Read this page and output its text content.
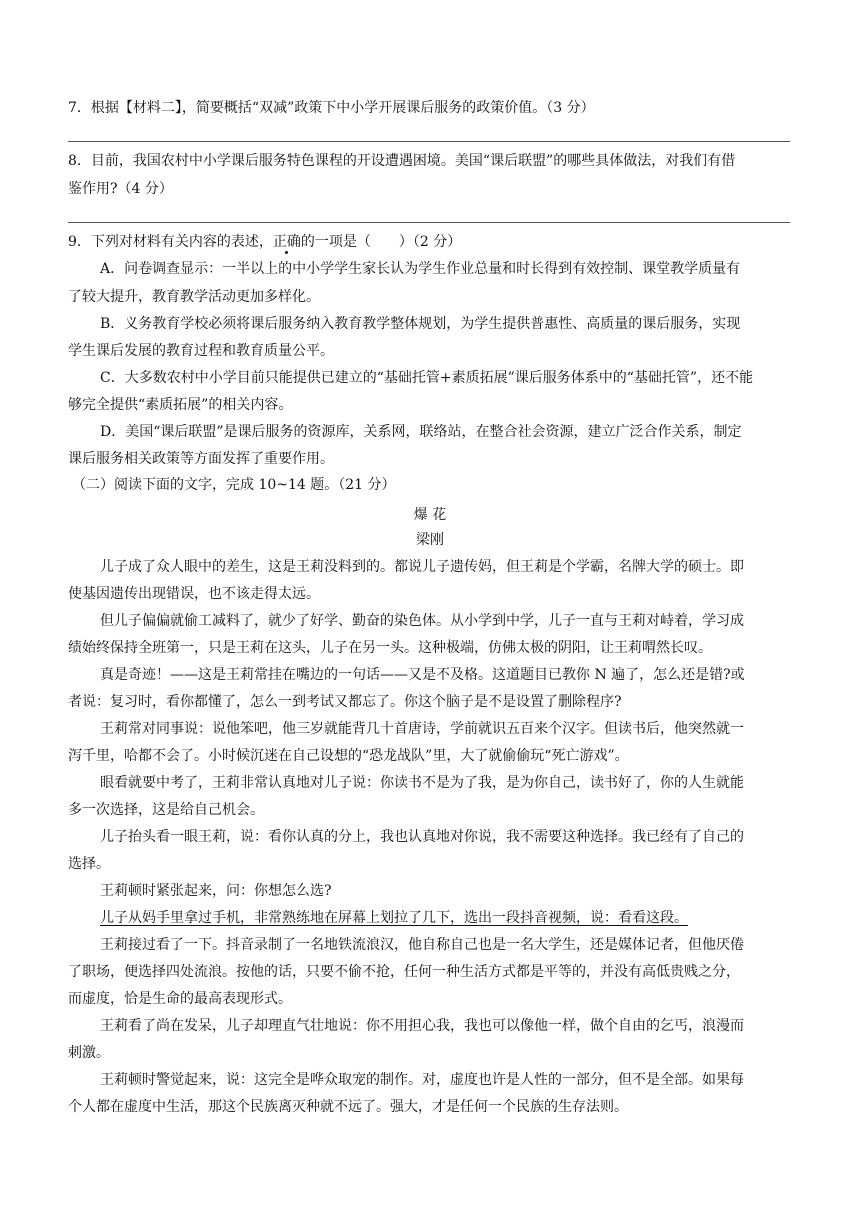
7．根据【材料二】，简要概括“双减”政策下中小学开展课后服务的政策价值。（3 分）
8．目前，我国农村中小学课后服务特色课程的开设遭遇困境。美国“课后联盟”的哪些具体做法，对我们有借
鉴作用?（4 分）
9．下列对材料有关内容的表述，正确的一项是（　　）（2 分）
A．问卷调查显示：一半以上的中小学学生家长认为学生作业总量和时长得到有效控制、课堂教学质量有
了较大提升，教育教学活动更加多样化。
B．义务教育学校必须将课后服务纳入教育教学整体规划，为学生提供普惠性、高质量的课后服务，实现
学生课后发展的教育过程和教育质量公平。
C．大多数农村中小学目前只能提供已建立的“基础托管+素质拓展”课后服务体系中的“基础托管”，还不能
够完全提供“素质拓展”的相关内容。
D．美国“课后联盟”是课后服务的资源库，关系网，联络站，在整合社会资源，建立广泛合作关系，制定
课后服务相关政策等方面发挥了重要作用。
（二）阅读下面的文字，完成 10~14 题。（21 分）
爆 花
梁刚
儿子成了众人眼中的差生，这是王莉没料到的。都说儿子遗传妈，但王莉是个学霸，名牌大学的硕士。即
使基因遗传出现错误，也不该走得太远。
但儿子偏偏就偷工减料了，就少了好学、勤奋的染色体。从小学到中学，儿子一直与王莉对峙着，学习成
绩始终保持全班第一，只是王莉在这头，儿子在另一头。这种极端，仿佛太极的阴阳，让王莉喟然长叹。
真是奇迹！——这是王莉常挂在嘴边的一句话——又是不及格。这道题目已教你 N 遍了，怎么还是错?或
者说：复习时，看你都懂了，怎么一到考试又都忘了。你这个脑子是不是设置了删除程序?
王莉常对同事说：说他笨吧，他三岁就能背几十首唐诗，学前就识五百来个汉字。但读书后，他突然就一
泻千里，哈都不会了。小时候沉迷在自己设想的“恐龙战队”里，大了就偷偷玩“死亡游戏”。
眼看就要中考了，王莉非常认真地对儿子说：你读书不是为了我，是为你自己，读书好了，你的人生就能
多一次选择，这是给自己机会。
儿子抬头看一眼王莉，说：看你认真的分上，我也认真地对你说，我不需要这种选择。我已经有了自己的
选择。
王莉顿时紧张起来，问：你想怎么选?
儿子从妈手里拿过手机，非常熟练地在屏幕上划拉了几下，选出一段抖音视频，说：看看这段。
王莉接过看了一下。抖音录制了一名地铁流浪汉，他自称自己也是一名大学生，还是媒体记者，但他厌倦
了职场，便选择四处流浪。按他的话，只要不偷不抢，任何一种生活方式都是平等的，并没有高低贵贱之分，
而虚度，恰是生命的最高表现形式。
王莉看了尚在发呆，儿子却理直气壮地说：你不用担心我，我也可以像他一样，做个自由的乞丐，浪漫而
刺激。
王莉顿时警觉起来，说：这完全是哗众取宠的制作。对，虚度也许是人性的一部分，但不是全部。如果每
个人都在虚度中生活，那这个民族离灭种就不远了。强大，才是任何一个民族的生存法则。
